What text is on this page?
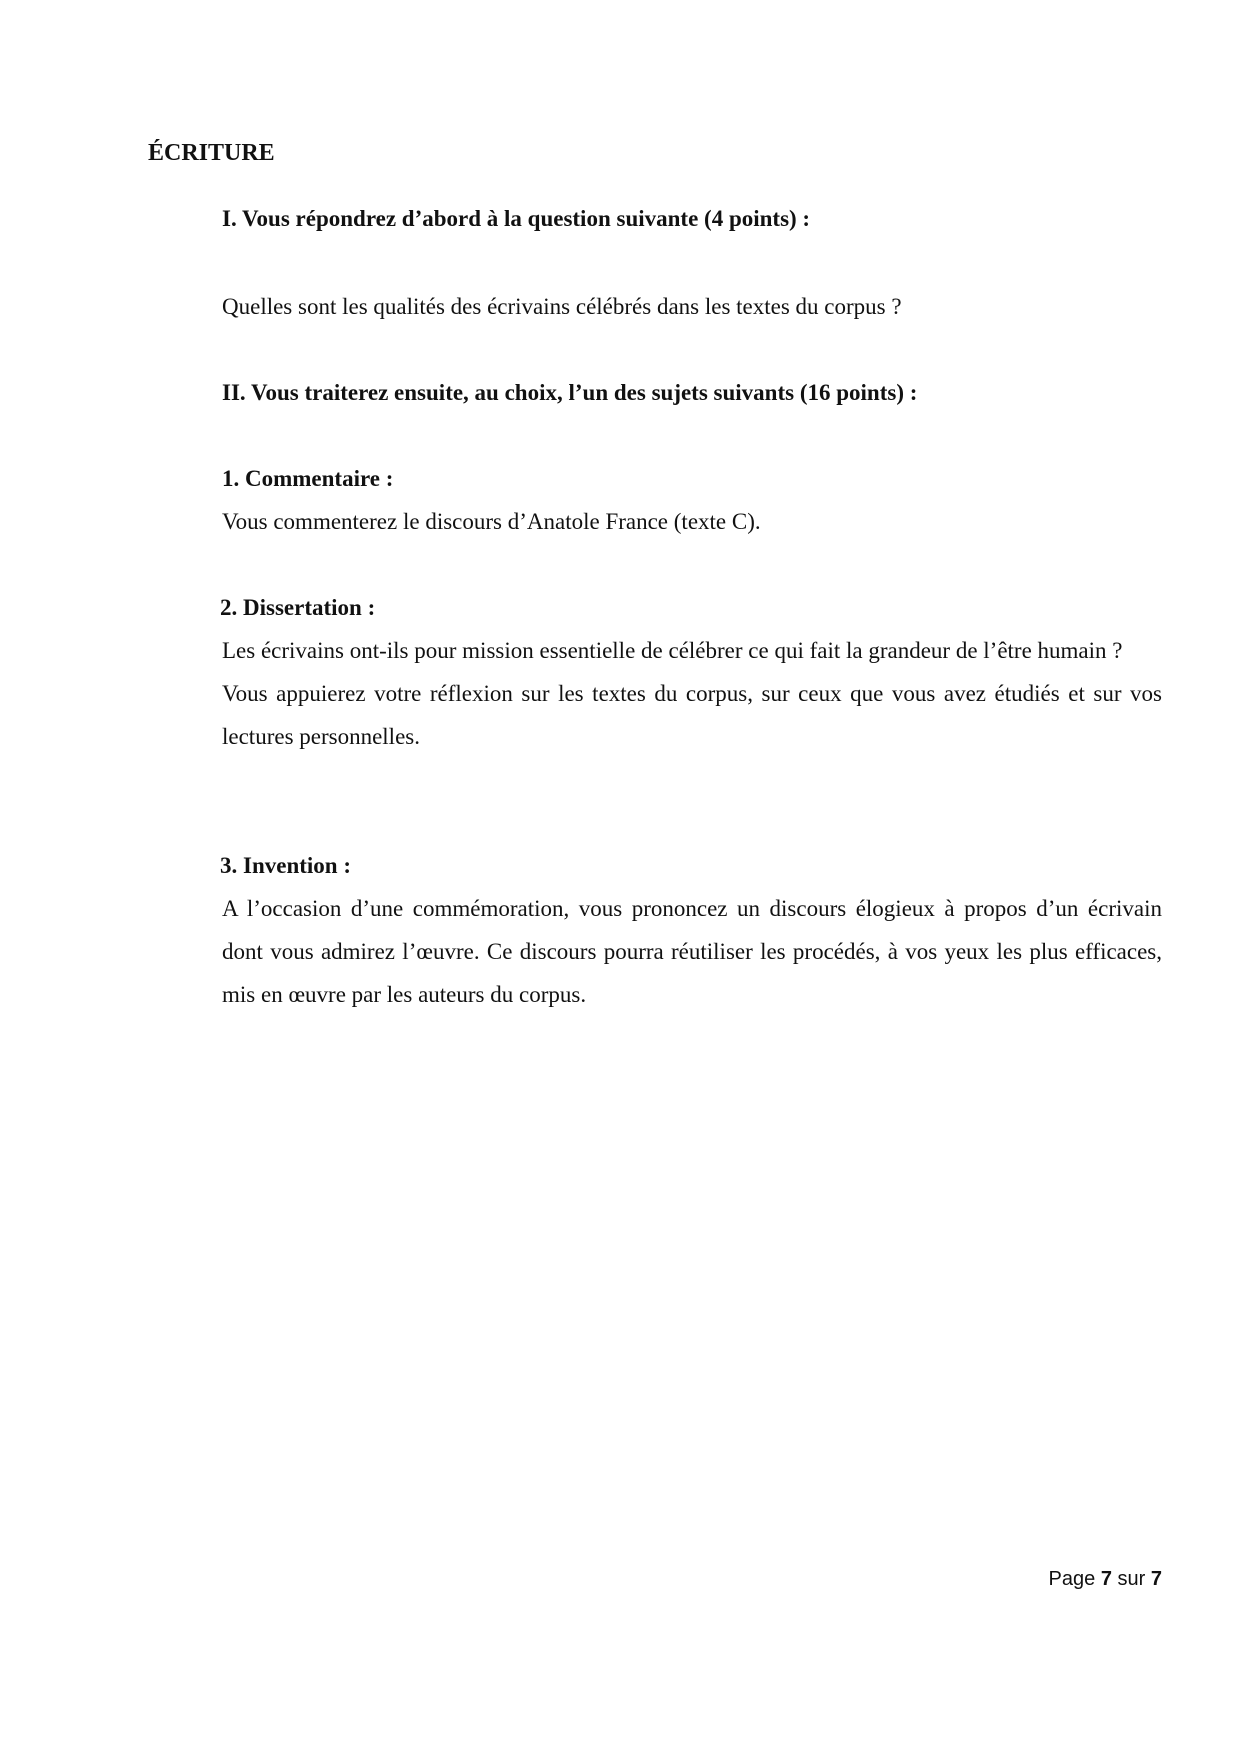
ÉCRITURE
I. Vous répondrez d’abord à la question suivante (4 points) :
Quelles sont les qualités des écrivains célébrés dans les textes du corpus ?
II. Vous traiterez ensuite, au choix, l’un des sujets suivants (16 points) :
1. Commentaire :
Vous commenterez le discours d’Anatole France (texte C).
2. Dissertation :
Les écrivains ont-ils pour mission essentielle de célébrer ce qui fait la grandeur de l’être humain ?
Vous appuierez votre réflexion sur les textes du corpus, sur ceux que vous avez étudiés et sur vos lectures personnelles.
3. Invention :
A l’occasion d’une commémoration, vous prononcez un discours élogieux à propos d’un écrivain dont vous admirez l’œuvre. Ce discours pourra réutiliser les procédés, à vos yeux les plus efficaces, mis en œuvre par les auteurs du corpus.
Page 7 sur 7
